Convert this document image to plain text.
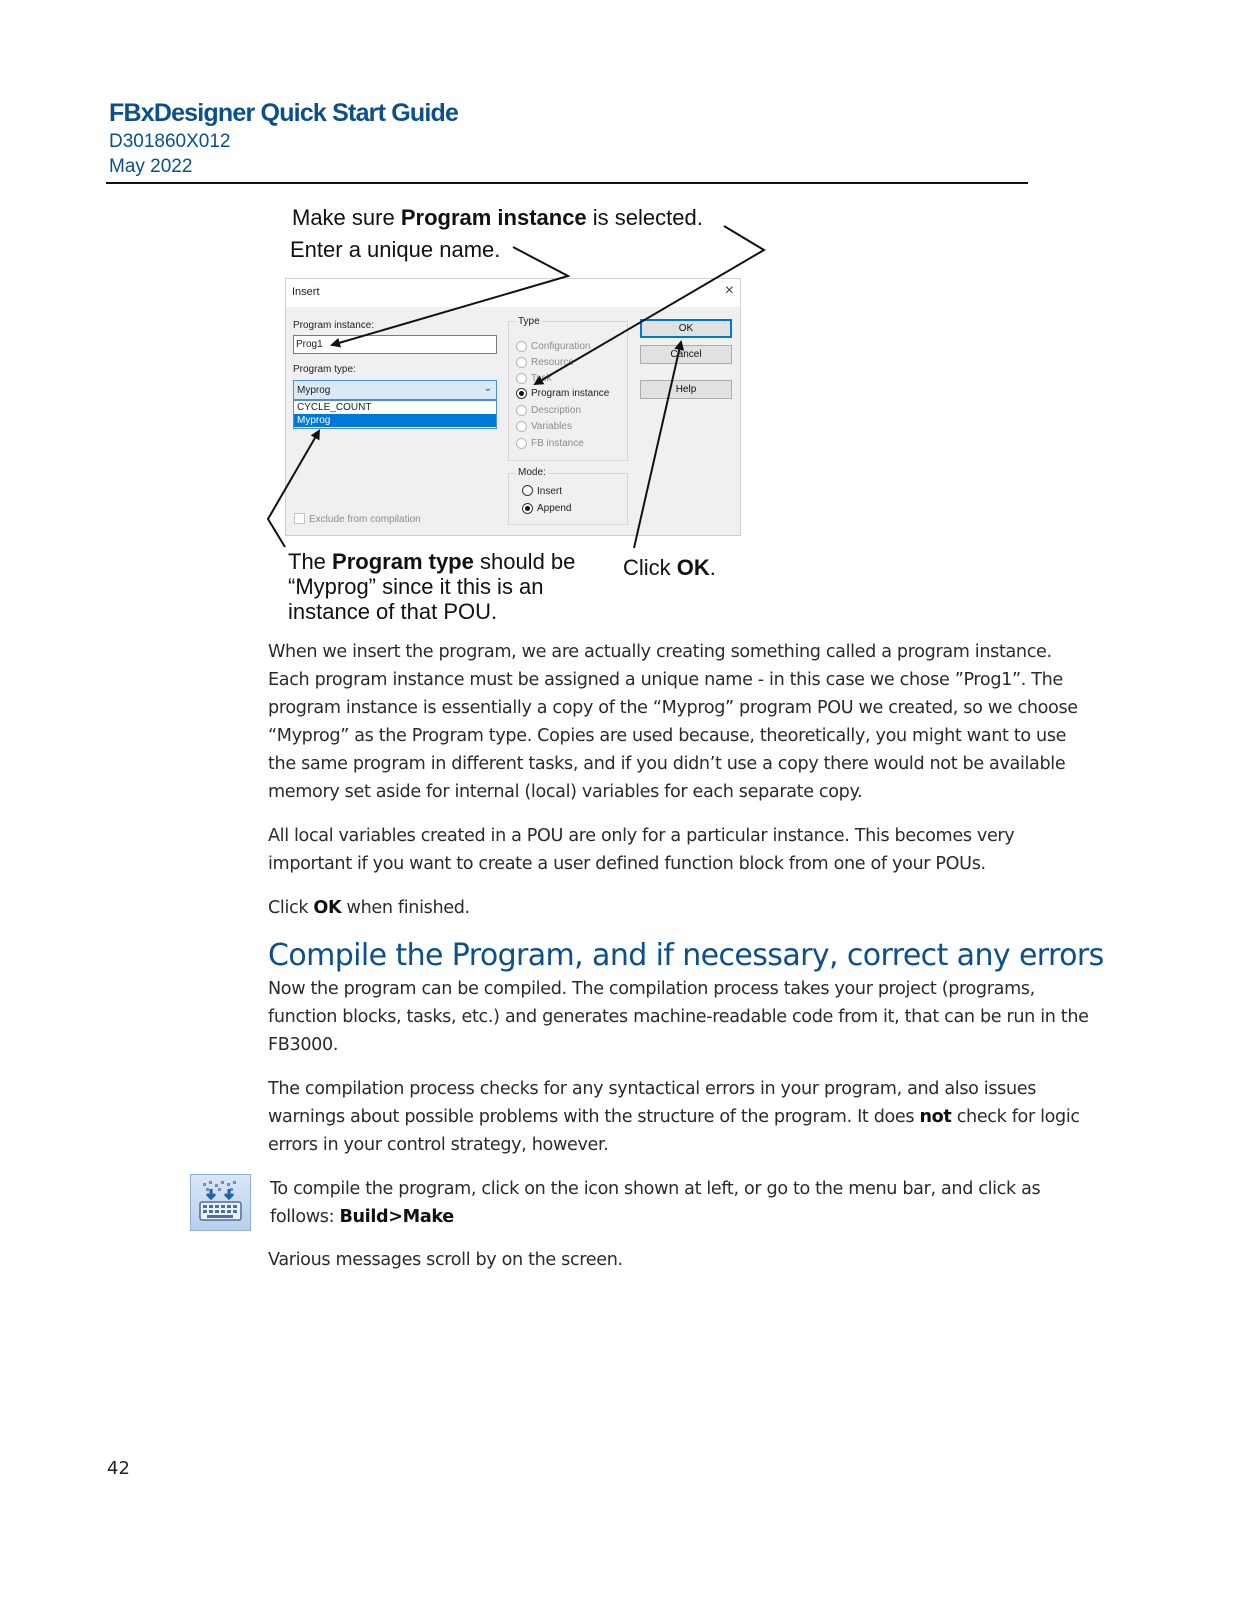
FBxDesigner Quick Start Guide
D301860X012
May 2022
Make sure Program instance is selected.
Enter a unique name.
Insert	×
Program instance:
Prog1
Program type:
Myprog	⌄
CYCLE_COUNT
Myprog
Exclude from compilation
Type
Configuration
Resource
Task
Program instance
Description
Variables
FB instance
Mode:
Insert
Append
OK
Cancel
Help
The Program type should be
“Myprog” since it this is an
instance of that POU.
Click OK.
When we insert the program, we are actually creating something called a program instance. Each program instance must be assigned a unique name - in this case we chose ”Prog1”. The program instance is essentially a copy of the “Myprog” program POU we created, so we choose “Myprog” as the Program type. Copies are used because, theoretically, you might want to use the same program in different tasks, and if you didn’t use a copy there would not be available memory set aside for internal (local) variables for each separate copy.
All local variables created in a POU are only for a particular instance. This becomes very important if you want to create a user defined function block from one of your POUs.
Click OK when finished.
Compile the Program, and if necessary, correct any errors
Now the program can be compiled. The compilation process takes your project (programs, function blocks, tasks, etc.) and generates machine-readable code from it, that can be run in the FB3000.
The compilation process checks for any syntactical errors in your program, and also issues warnings about possible problems with the structure of the program. It does not check for logic errors in your control strategy, however.
To compile the program, click on the icon shown at left, or go to the menu bar, and click as follows: Build>Make
Various messages scroll by on the screen.
42
